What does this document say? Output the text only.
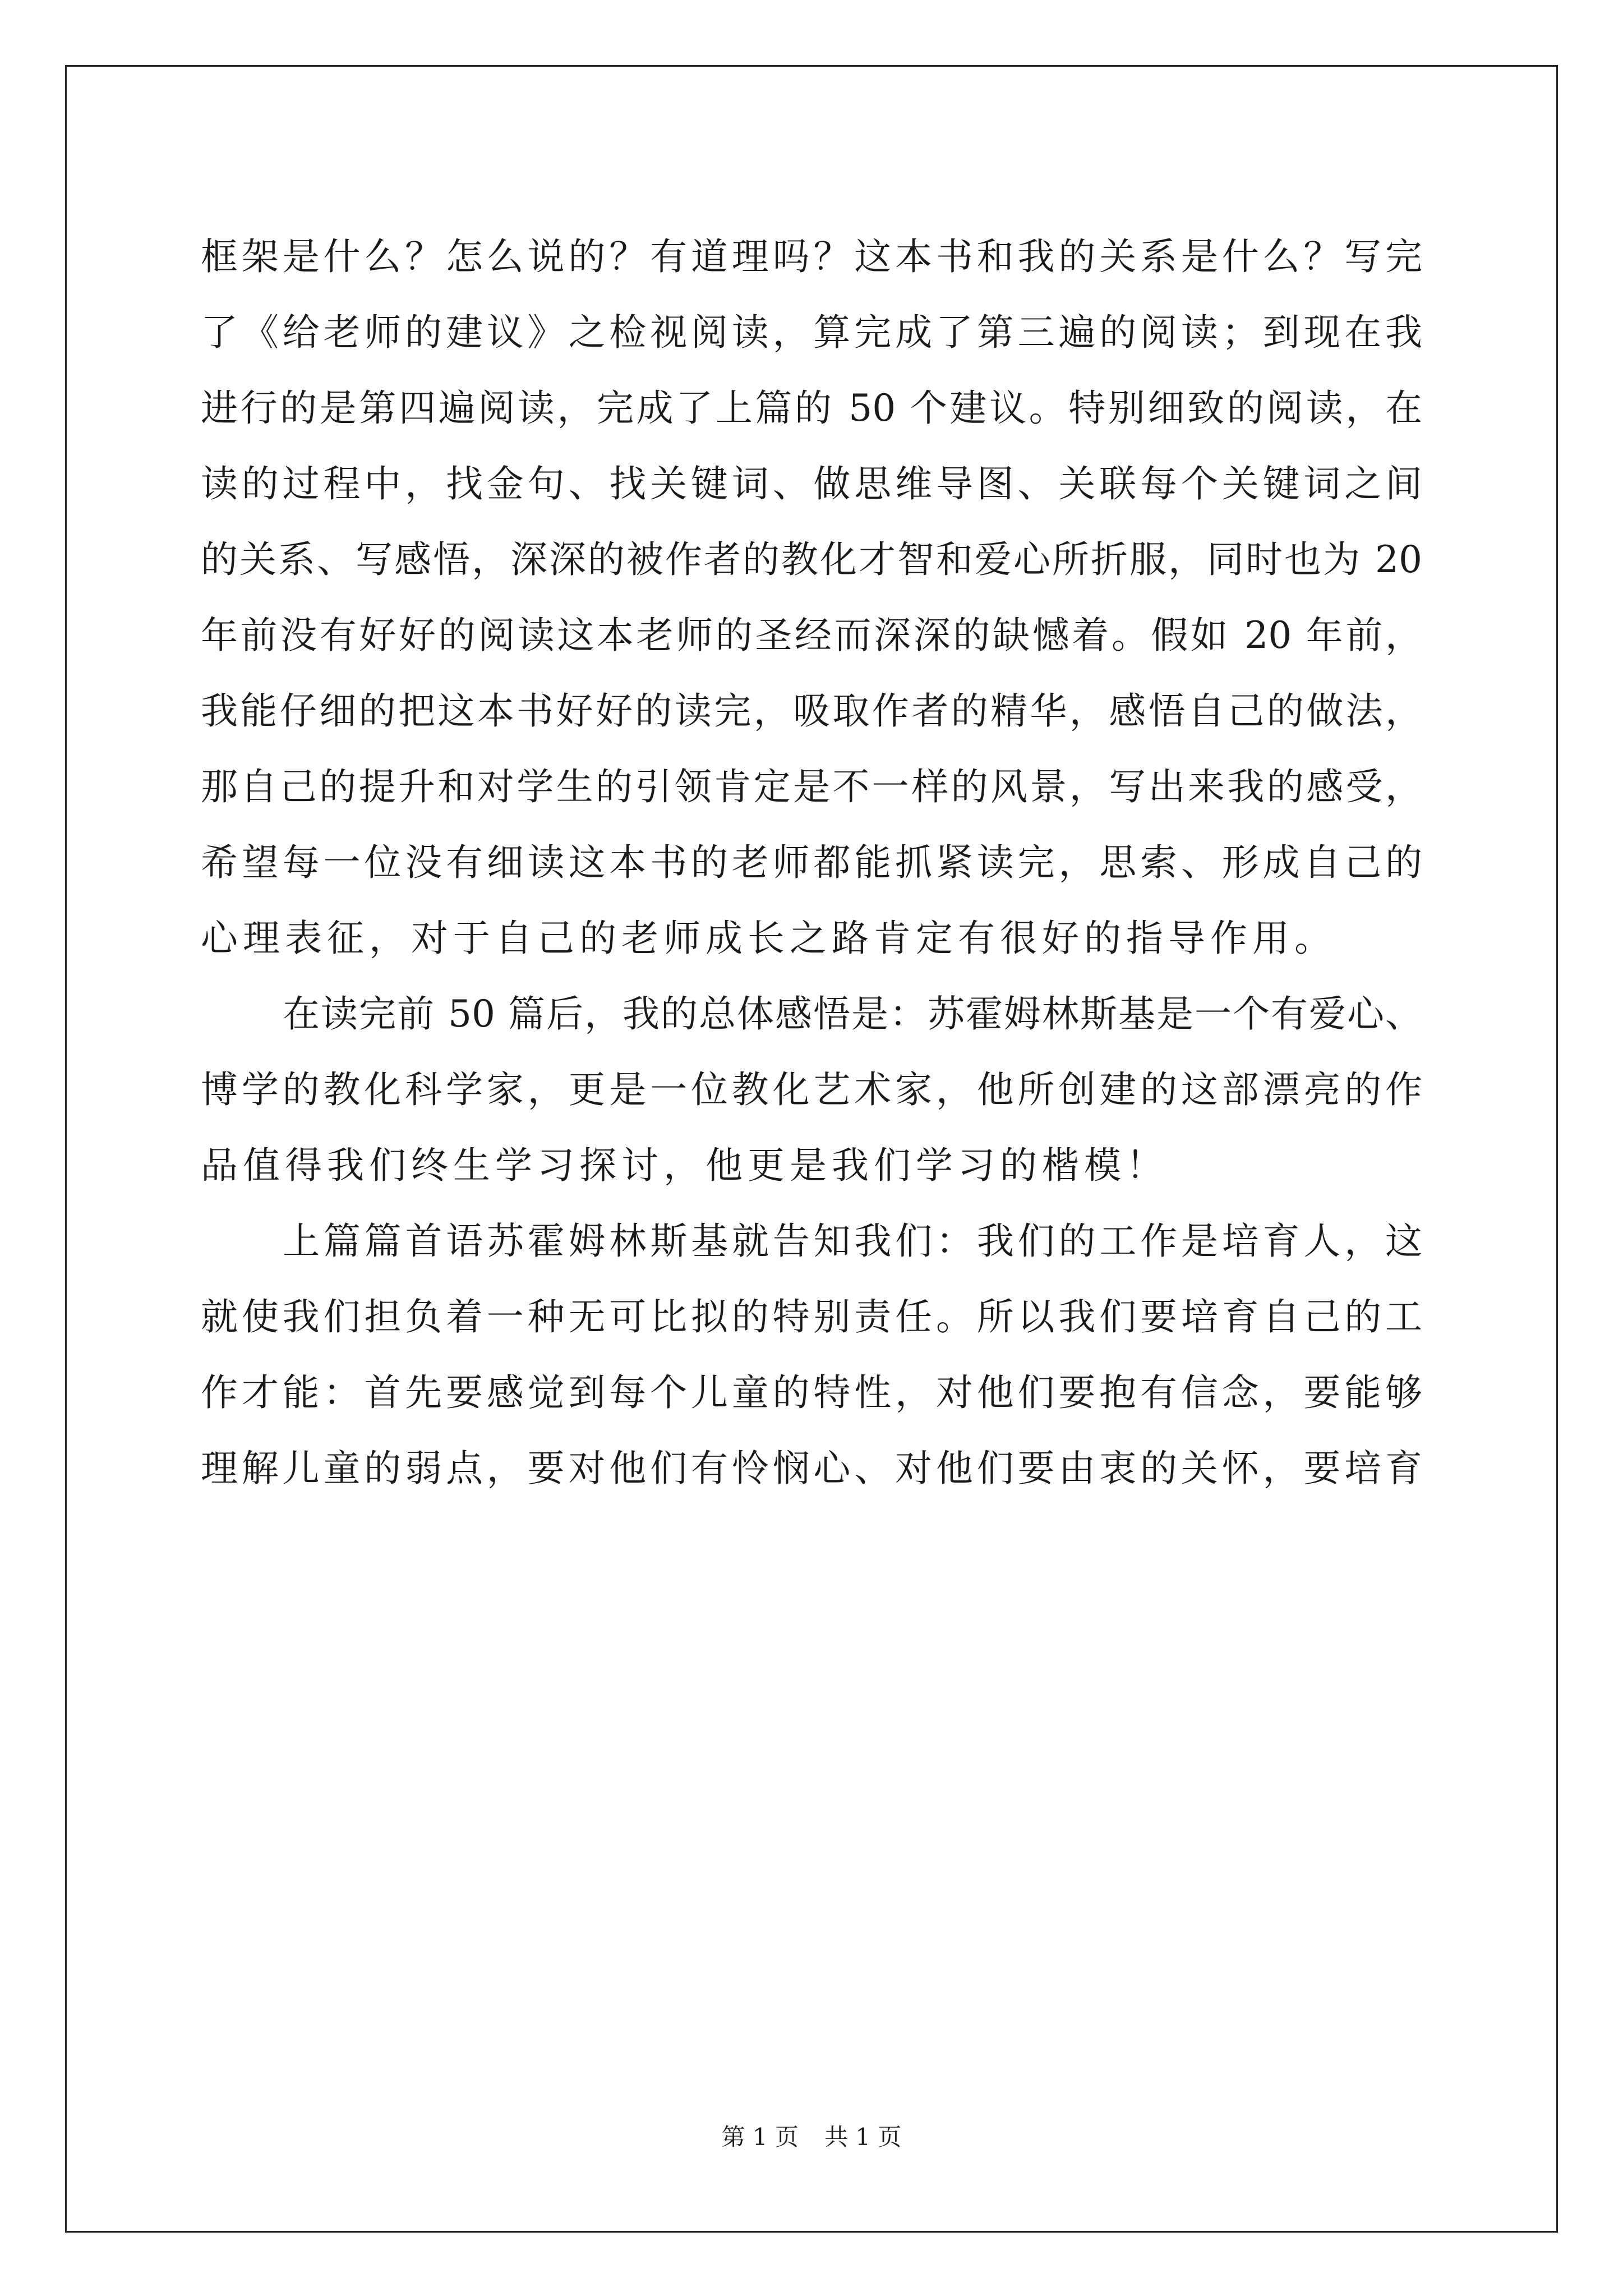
框架是什么？怎么说的？有道理吗？这本书和我的关系是什么？写完
了《给老师的建议》之检视阅读，算完成了第三遍的阅读；到现在我
进行的是第四遍阅读，完成了上篇的 50 个建议。特别细致的阅读，在
读的过程中，找金句、找关键词、做思维导图、关联每个关键词之间
的关系、写感悟，深深的被作者的教化才智和爱心所折服，同时也为 20
年前没有好好的阅读这本老师的圣经而深深的缺憾着。假如 20 年前，
我能仔细的把这本书好好的读完，吸取作者的精华，感悟自己的做法，
那自己的提升和对学生的引领肯定是不一样的风景，写出来我的感受，
希望每一位没有细读这本书的老师都能抓紧读完，思索、形成自己的
心理表征，对于自己的老师成长之路肯定有很好的指导作用。
在读完前 50 篇后，我的总体感悟是：苏霍姆林斯基是一个有爱心、
博学的教化科学家，更是一位教化艺术家，他所创建的这部漂亮的作
品值得我们终生学习探讨，他更是我们学习的楷模！
上篇篇首语苏霍姆林斯基就告知我们：我们的工作是培育人，这
就使我们担负着一种无可比拟的特别责任。所以我们要培育自己的工
作才能：首先要感觉到每个儿童的特性，对他们要抱有信念，要能够
理解儿童的弱点，要对他们有怜悯心、对他们要由衷的关怀，要培育
第 1 页 共 1 页
